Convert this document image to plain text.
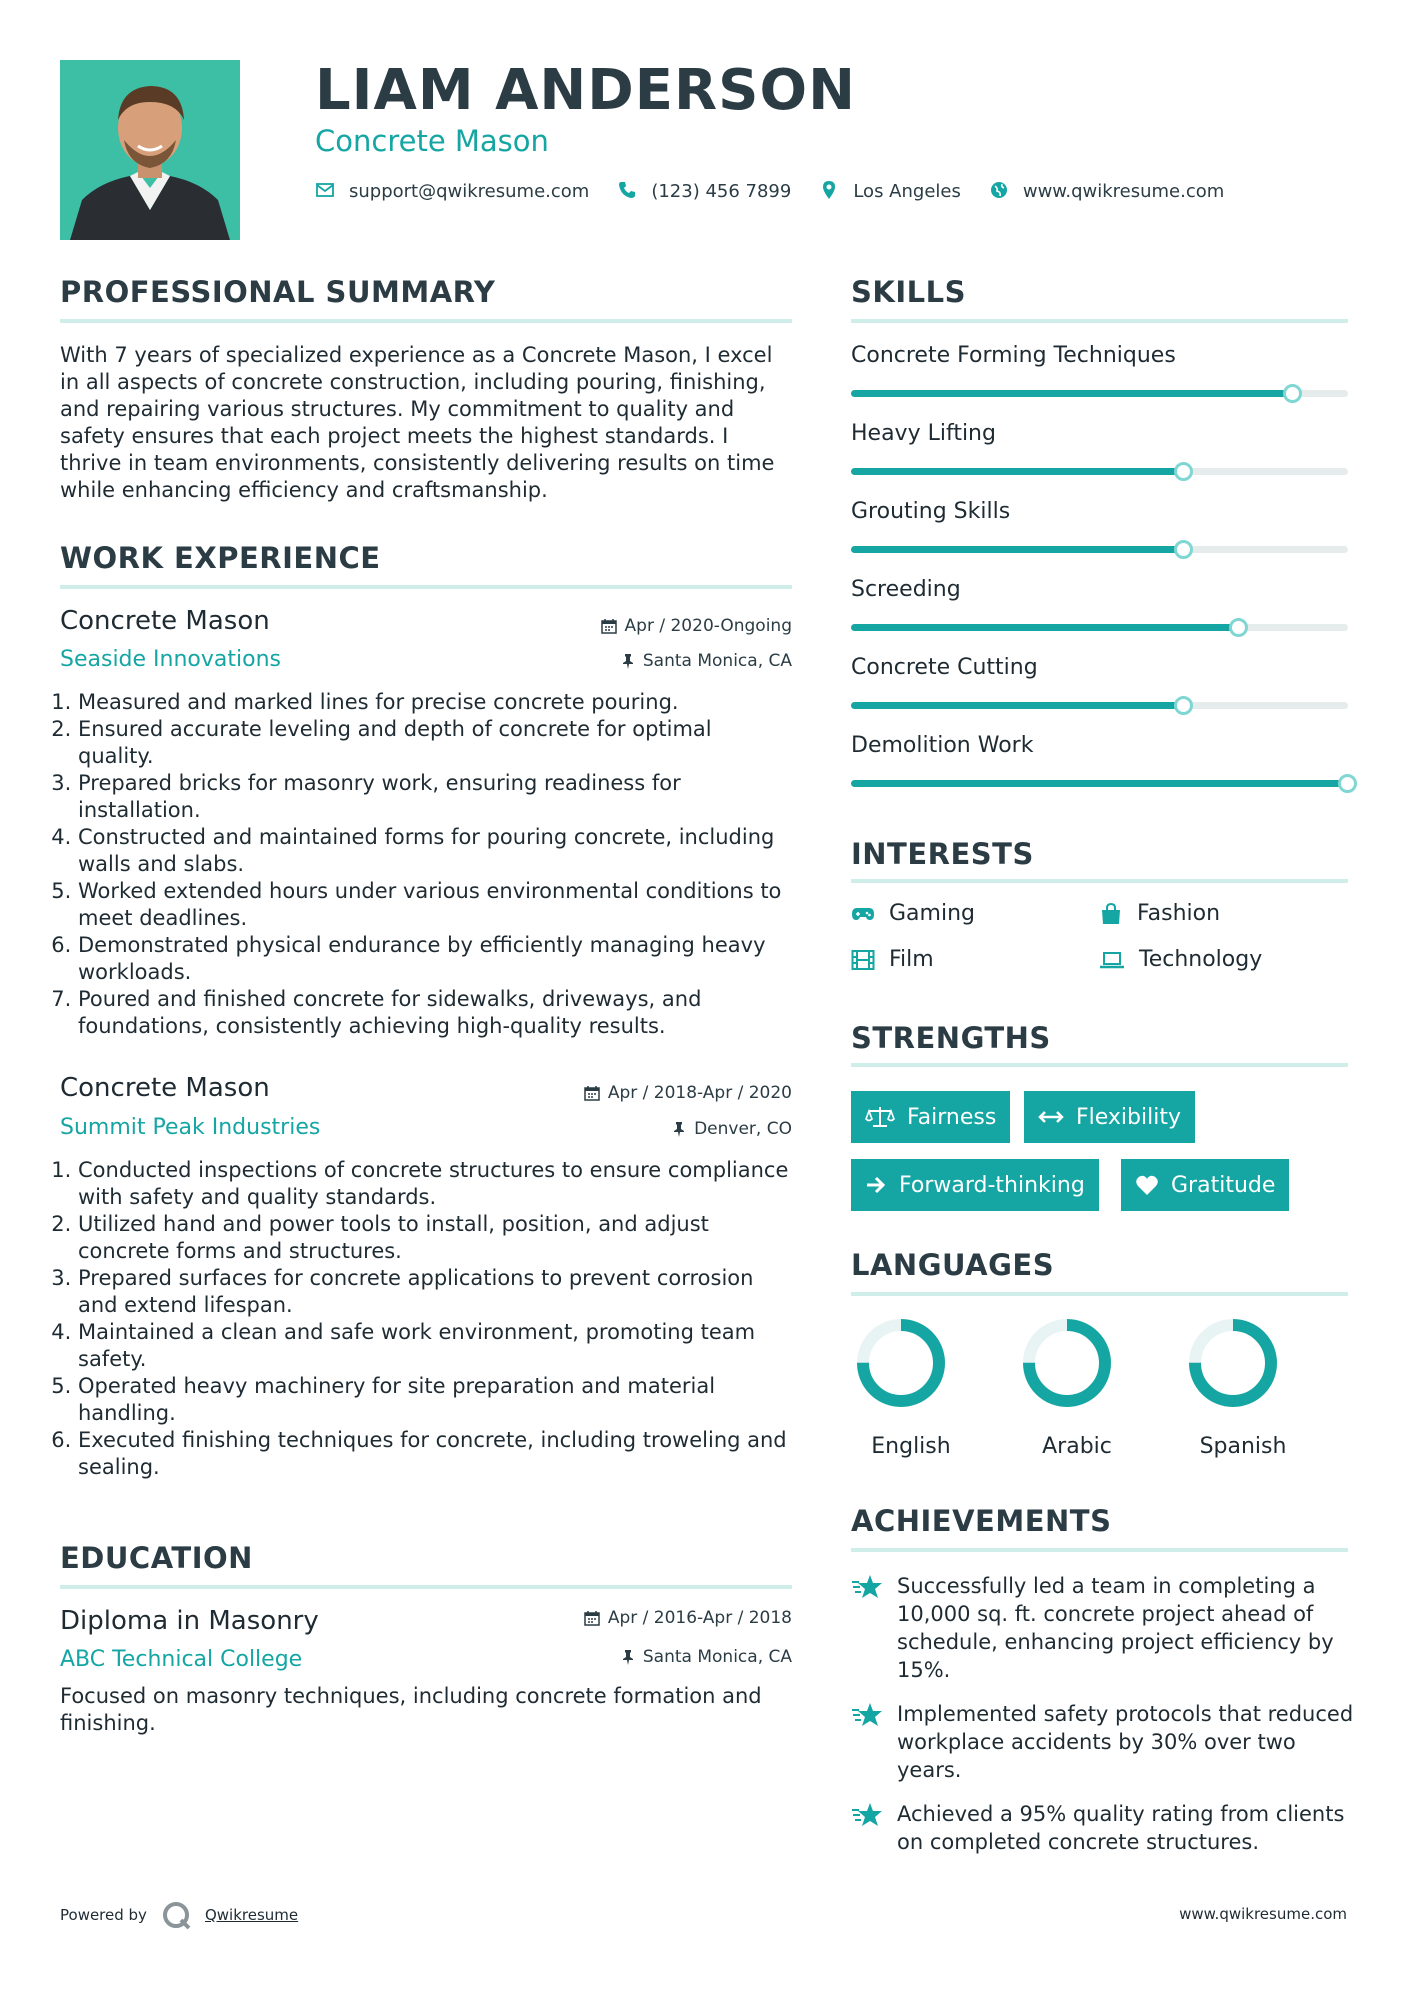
LIAM ANDERSON
Concrete Mason
support@qwikresume.com	(123) 456 7899	Los Angeles	www.qwikresume.com
PROFESSIONAL SUMMARY
With 7 years of specialized experience as a Concrete Mason, I excel in all aspects of concrete construction, including pouring, finishing, and repairing various structures. My commitment to quality and safety ensures that each project meets the highest standards. I thrive in team environments, consistently delivering results on time while enhancing efficiency and craftsmanship.
WORK EXPERIENCE
Concrete Mason	Apr / 2020-Ongoing
Seaside Innovations	Santa Monica, CA
1. Measured and marked lines for precise concrete pouring.
2. Ensured accurate leveling and depth of concrete for optimal quality.
3. Prepared bricks for masonry work, ensuring readiness for installation.
4. Constructed and maintained forms for pouring concrete, including walls and slabs.
5. Worked extended hours under various environmental conditions to meet deadlines.
6. Demonstrated physical endurance by efficiently managing heavy workloads.
7. Poured and finished concrete for sidewalks, driveways, and foundations, consistently achieving high-quality results.
Concrete Mason	Apr / 2018-Apr / 2020
Summit Peak Industries	Denver, CO
1. Conducted inspections of concrete structures to ensure compliance with safety and quality standards.
2. Utilized hand and power tools to install, position, and adjust concrete forms and structures.
3. Prepared surfaces for concrete applications to prevent corrosion and extend lifespan.
4. Maintained a clean and safe work environment, promoting team safety.
5. Operated heavy machinery for site preparation and material handling.
6. Executed finishing techniques for concrete, including troweling and sealing.
EDUCATION
Diploma in Masonry	Apr / 2016-Apr / 2018
ABC Technical College	Santa Monica, CA
Focused on masonry techniques, including concrete formation and finishing.
SKILLS
Concrete Forming Techniques
Heavy Lifting
Grouting Skills
Screeding
Concrete Cutting
Demolition Work
INTERESTS
Gaming	Fashion
Film	Technology
STRENGTHS
Fairness	Flexibility
Forward-thinking	Gratitude
LANGUAGES
English	Arabic	Spanish
ACHIEVEMENTS
Successfully led a team in completing a 10,000 sq. ft. concrete project ahead of schedule, enhancing project efficiency by 15%.
Implemented safety protocols that reduced workplace accidents by 30% over two years.
Achieved a 95% quality rating from clients on completed concrete structures.
Powered by	Qwikresume	www.qwikresume.com
